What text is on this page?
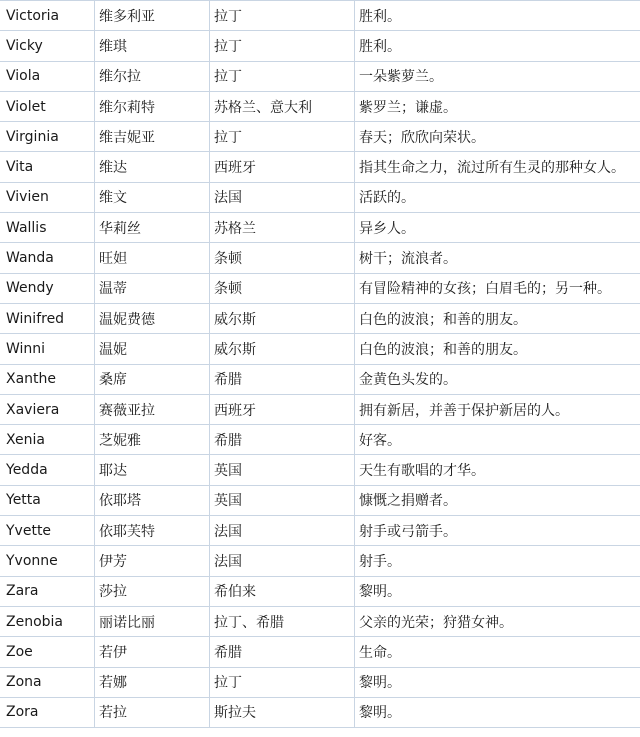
Victoria	维多利亚	拉丁	胜利。
Vicky	维琪	拉丁	胜利。
Viola	维尔拉	拉丁	一朵紫萝兰。
Violet	维尔莉特	苏格兰、意大利	紫罗兰；谦虚。
Virginia	维吉妮亚	拉丁	春天；欣欣向荣状。
Vita	维达	西班牙	指其生命之力，流过所有生灵的那种女人。
Vivien	维文	法国	活跃的。
Wallis	华莉丝	苏格兰	异乡人。
Wanda	旺妲	条顿	树干；流浪者。
Wendy	温蒂	条顿	有冒险精神的女孩；白眉毛的；另一种。
Winifred	温妮费德	威尔斯	白色的波浪；和善的朋友。
Winni	温妮	威尔斯	白色的波浪；和善的朋友。
Xanthe	桑席	希腊	金黄色头发的。
Xaviera	赛薇亚拉	西班牙	拥有新居，并善于保护新居的人。
Xenia	芝妮雅	希腊	好客。
Yedda	耶达	英国	天生有歌唱的才华。
Yetta	依耶塔	英国	慷慨之捐赠者。
Yvette	依耶芙特	法国	射手或弓箭手。
Yvonne	伊芳	法国	射手。
Zara	莎拉	希伯来	黎明。
Zenobia	丽诺比丽	拉丁、希腊	父亲的光荣；狩猎女神。
Zoe	若伊	希腊	生命。
Zona	若娜	拉丁	黎明。
Zora	若拉	斯拉夫	黎明。
